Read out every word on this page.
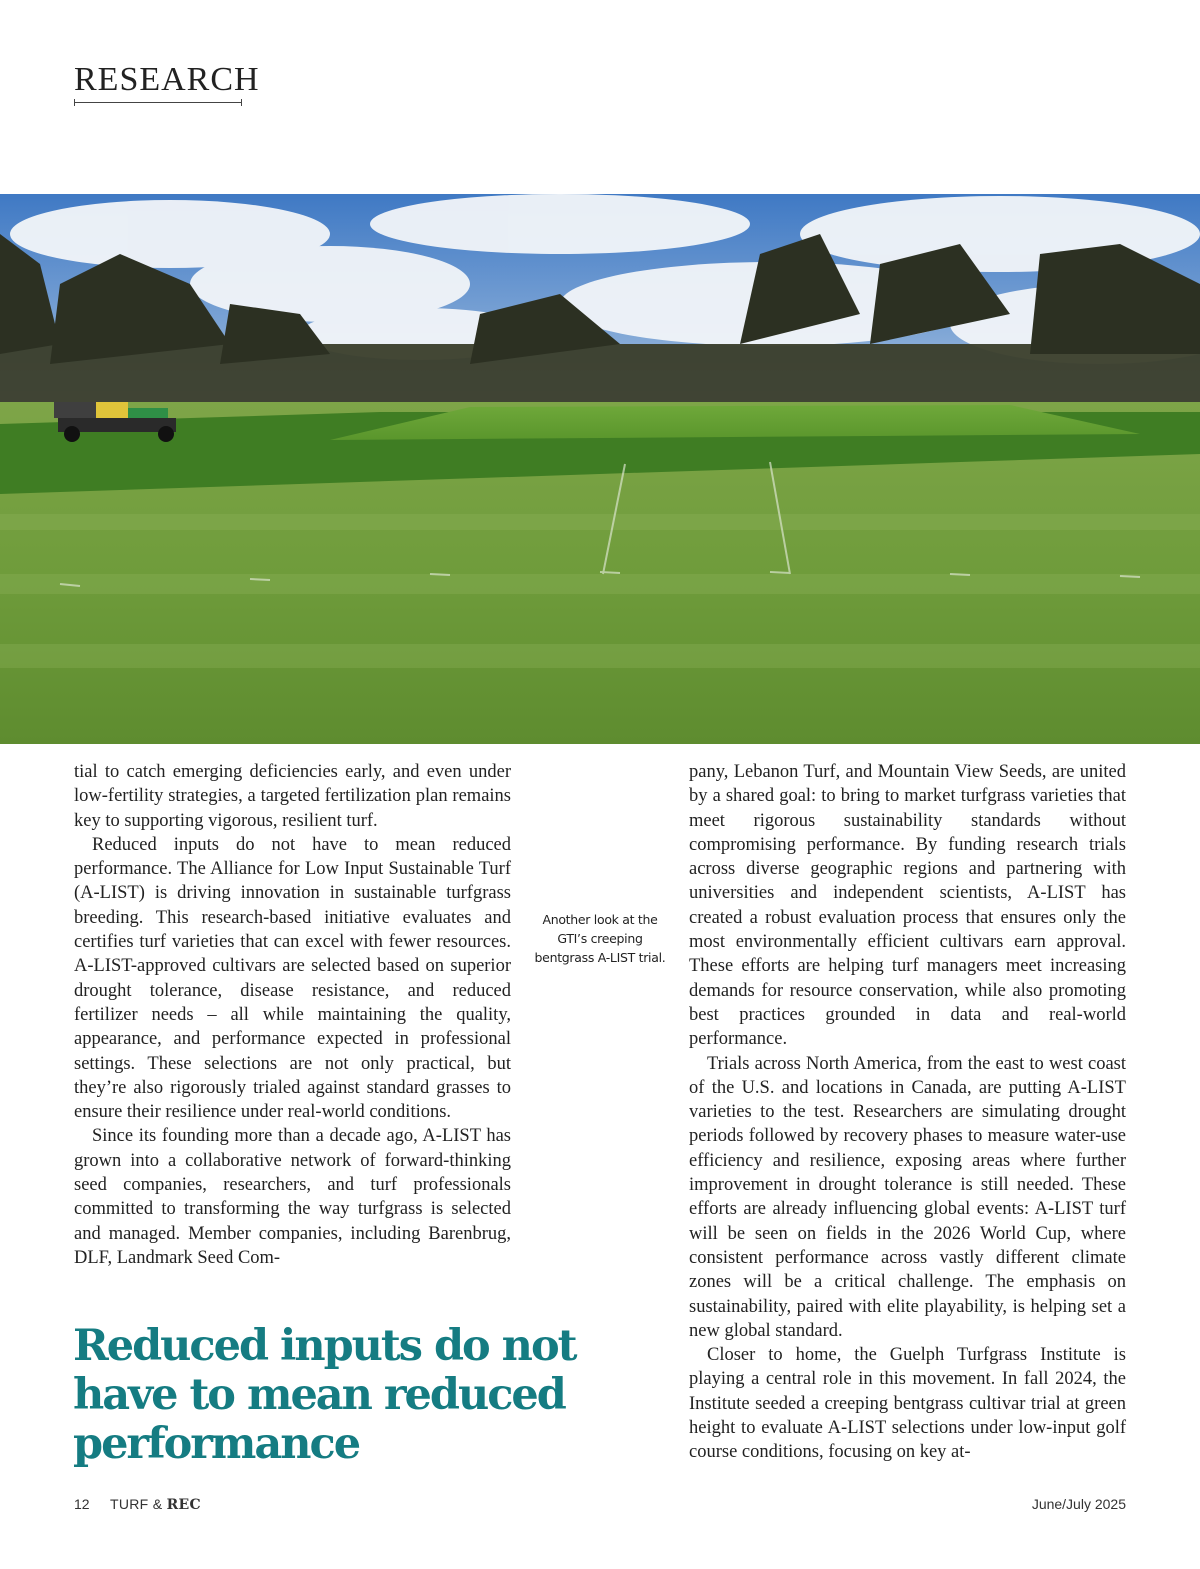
RESEARCH

tial to catch emerging deficiencies early, and even under low-fertility strategies, a targeted fertilization plan remains key to supporting vigorous, resilient turf.

Reduced inputs do not have to mean reduced performance. The Alliance for Low Input Sustainable Turf (A-LIST) is driving innovation in sustainable turfgrass breeding. This research-based initiative evaluates and certifies turf varieties that can excel with fewer resources. A-LIST-approved cultivars are selected based on superior drought tolerance, disease resistance, and reduced fertilizer needs – all while maintaining the quality, appearance, and performance expected in professional settings. These selections are not only practical, but they’re also rigorously trialed against standard grasses to ensure their resilience under real-world conditions.

Since its founding more than a decade ago, A-LIST has grown into a collaborative network of forward-thinking seed companies, researchers, and turf professionals committed to transforming the way turfgrass is selected and managed. Member companies, including Barenbrug, DLF, Landmark Seed Com-

Another look at the GTI’s creeping bentgrass A-LIST trial.

pany, Lebanon Turf, and Mountain View Seeds, are united by a shared goal: to bring to market turfgrass varieties that meet rigorous sustainability standards without compromising performance. By funding research trials across diverse geographic regions and partnering with universities and independent scientists, A-LIST has created a robust evaluation process that ensures only the most environmentally efficient cultivars earn approval. These efforts are helping turf managers meet increasing demands for resource conservation, while also promoting best practices grounded in data and real-world performance.

Trials across North America, from the east to west coast of the U.S. and locations in Canada, are putting A-LIST varieties to the test. Researchers are simulating drought periods followed by recovery phases to measure water-use efficiency and resilience, exposing areas where further improvement in drought tolerance is still needed. These efforts are already influencing global events: A-LIST turf will be seen on fields in the 2026 World Cup, where consistent performance across vastly different climate zones will be a critical challenge. The emphasis on sustainability, paired with elite playability, is helping set a new global standard.

Closer to home, the Guelph Turfgrass Institute is playing a central role in this movement. In fall 2024, the Institute seeded a creeping bentgrass cultivar trial at green height to evaluate A-LIST selections under low-input golf course conditions, focusing on key at-

Reduced inputs do not have to mean reduced performance
12 TURF & REC	June/July 2025
